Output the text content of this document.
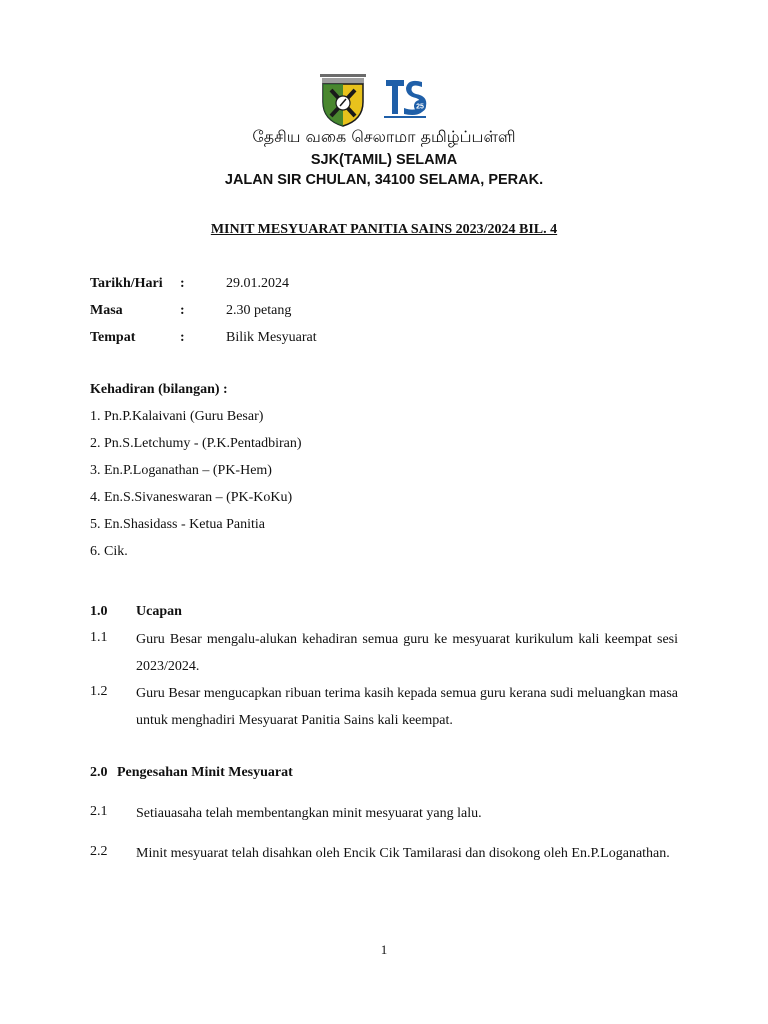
25

தேசிய வகை செலாமா தமிழ்ப்பள்ளி

SJK(TAMIL) SELAMA

JALAN SIR CHULAN, 34100 SELAMA, PERAK.

MINIT MESYUARAT PANITIA SAINS 2023/2024 BIL. 4

Tarikh/Hari :	29.01.2024
Masa	:	2.30 petang
Tempat	:	Bilik Mesyuarat

Kehadiran (bilangan) :

1. Pn.P.Kalaivani (Guru Besar)

2. Pn.S.Letchumy - (P.K.Pentadbiran)

3. En.P.Loganathan – (PK-Hem)

4. En.S.Sivaneswaran – (PK-KoKu)

5. En.Shasidass - Ketua Panitia

6. Cik.

1.0 Ucapan

1.1 Guru Besar mengalu-alukan kehadiran semua guru ke mesyuarat kurikulum kali keempat sesi 2023/2024.

1.2 Guru Besar mengucapkan ribuan terima kasih kepada semua guru kerana sudi meluangkan masa untuk menghadiri Mesyuarat Panitia Sains kali keempat.

2.0 Pengesahan Minit Mesyuarat

2.1 Setiauasaha telah membentangkan minit mesyuarat yang lalu.

2.2 Minit mesyuarat telah disahkan oleh Encik Cik Tamilarasi dan disokong oleh En.P.Loganathan.

1
